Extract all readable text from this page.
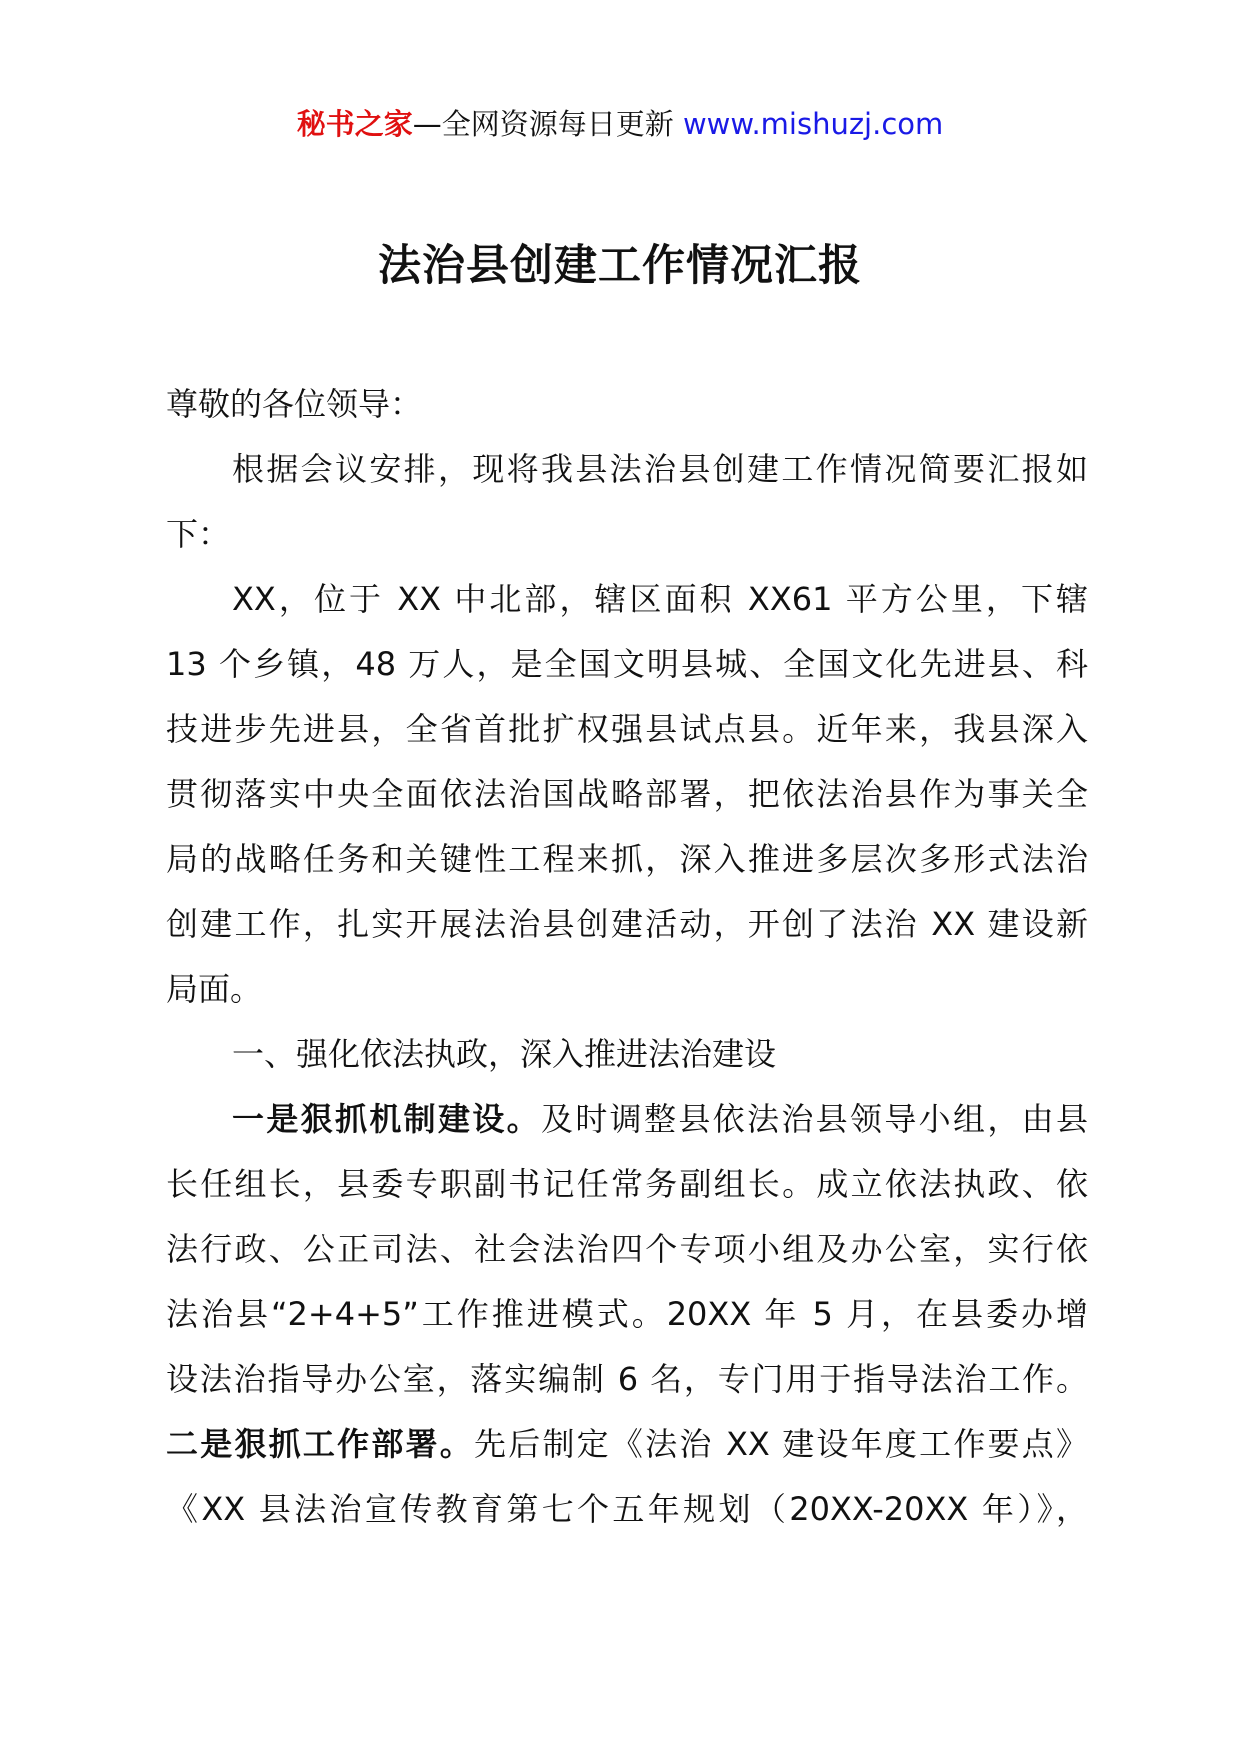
秘书之家—全网资源每日更新 www.mishuzj.com
法治县创建工作情况汇报
尊敬的各位领导：
根据会议安排，现将我县法治县创建工作情况简要汇报如
下：
XX，位于 XX 中北部，辖区面积 XX61 平方公里，下辖
13 个乡镇，48 万人，是全国文明县城、全国文化先进县、科
技进步先进县，全省首批扩权强县试点县。近年来，我县深入
贯彻落实中央全面依法治国战略部署，把依法治县作为事关全
局的战略任务和关键性工程来抓，深入推进多层次多形式法治
创建工作，扎实开展法治县创建活动，开创了法治 XX 建设新
局面。
一、强化依法执政，深入推进法治建设
一是狠抓机制建设。及时调整县依法治县领导小组，由县
长任组长，县委专职副书记任常务副组长。成立依法执政、依
法行政、公正司法、社会法治四个专项小组及办公室，实行依
法治县“2+4+5”工作推进模式。20XX 年 5 月，在县委办增
设法治指导办公室，落实编制 6 名，专门用于指导法治工作。
二是狠抓工作部署。先后制定《法治 XX 建设年度工作要点》
《XX 县法治宣传教育第七个五年规划（20XX-20XX 年）》，
